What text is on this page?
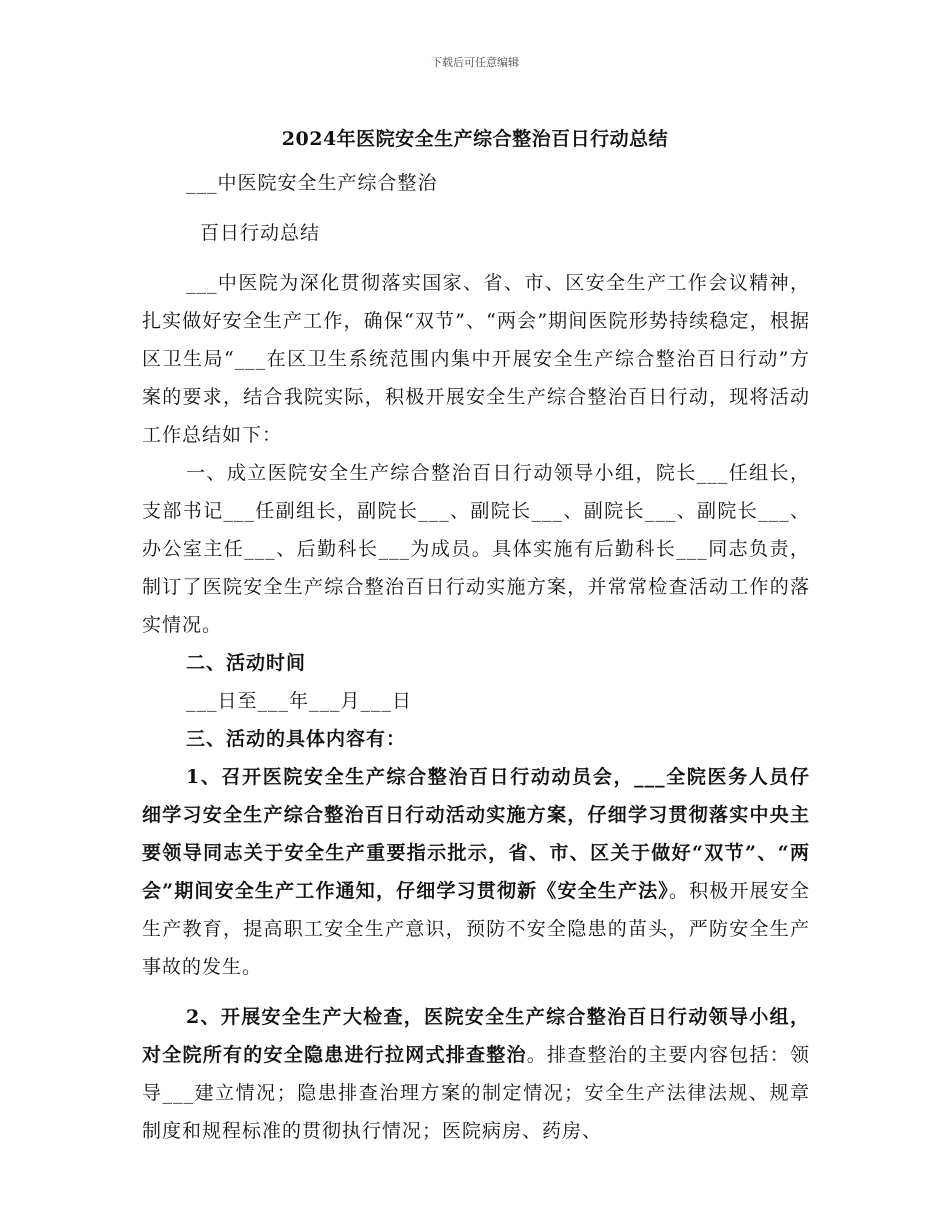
下载后可任意编辑
2024年医院安全生产综合整治百日行动总结

___中医院安全生产综合整治

百日行动总结

___中医院为深化贯彻落实国家、省、市、区安全生产工作会议精神，扎实做好安全生产工作，确保“双节”、“两会”期间医院形势持续稳定，根据区卫生局“___在区卫生系统范围内集中开展安全生产综合整治百日行动”方案的要求，结合我院实际，积极开展安全生产综合整治百日行动，现将活动工作总结如下：

一、成立医院安全生产综合整治百日行动领导小组，院长___任组长，支部书记___任副组长，副院长___、副院长___、副院长___、副院长___、办公室主任___、后勤科长___为成员。具体实施有后勤科长___同志负责，制订了医院安全生产综合整治百日行动实施方案，并常常检查活动工作的落实情况。

二、活动时间

___日至___年___月___日

三、活动的具体内容有：

1、召开医院安全生产综合整治百日行动动员会，___全院医务人员仔细学习安全生产综合整治百日行动活动实施方案，仔细学习贯彻落实中央主要领导同志关于安全生产重要指示批示，省、市、区关于做好“双节”、“两会”期间安全生产工作通知，仔细学习贯彻新《安全生产法》。积极开展安全生产教育，提高职工安全生产意识，预防不安全隐患的苗头，严防安全生产事故的发生。

2、开展安全生产大检查，医院安全生产综合整治百日行动领导小组，对全院所有的安全隐患进行拉网式排查整治。排查整治的主要内容包括：领导___建立情况；隐患排查治理方案的制定情况；安全生产法律法规、规章制度和规程标准的贯彻执行情况；医院病房、药房、
